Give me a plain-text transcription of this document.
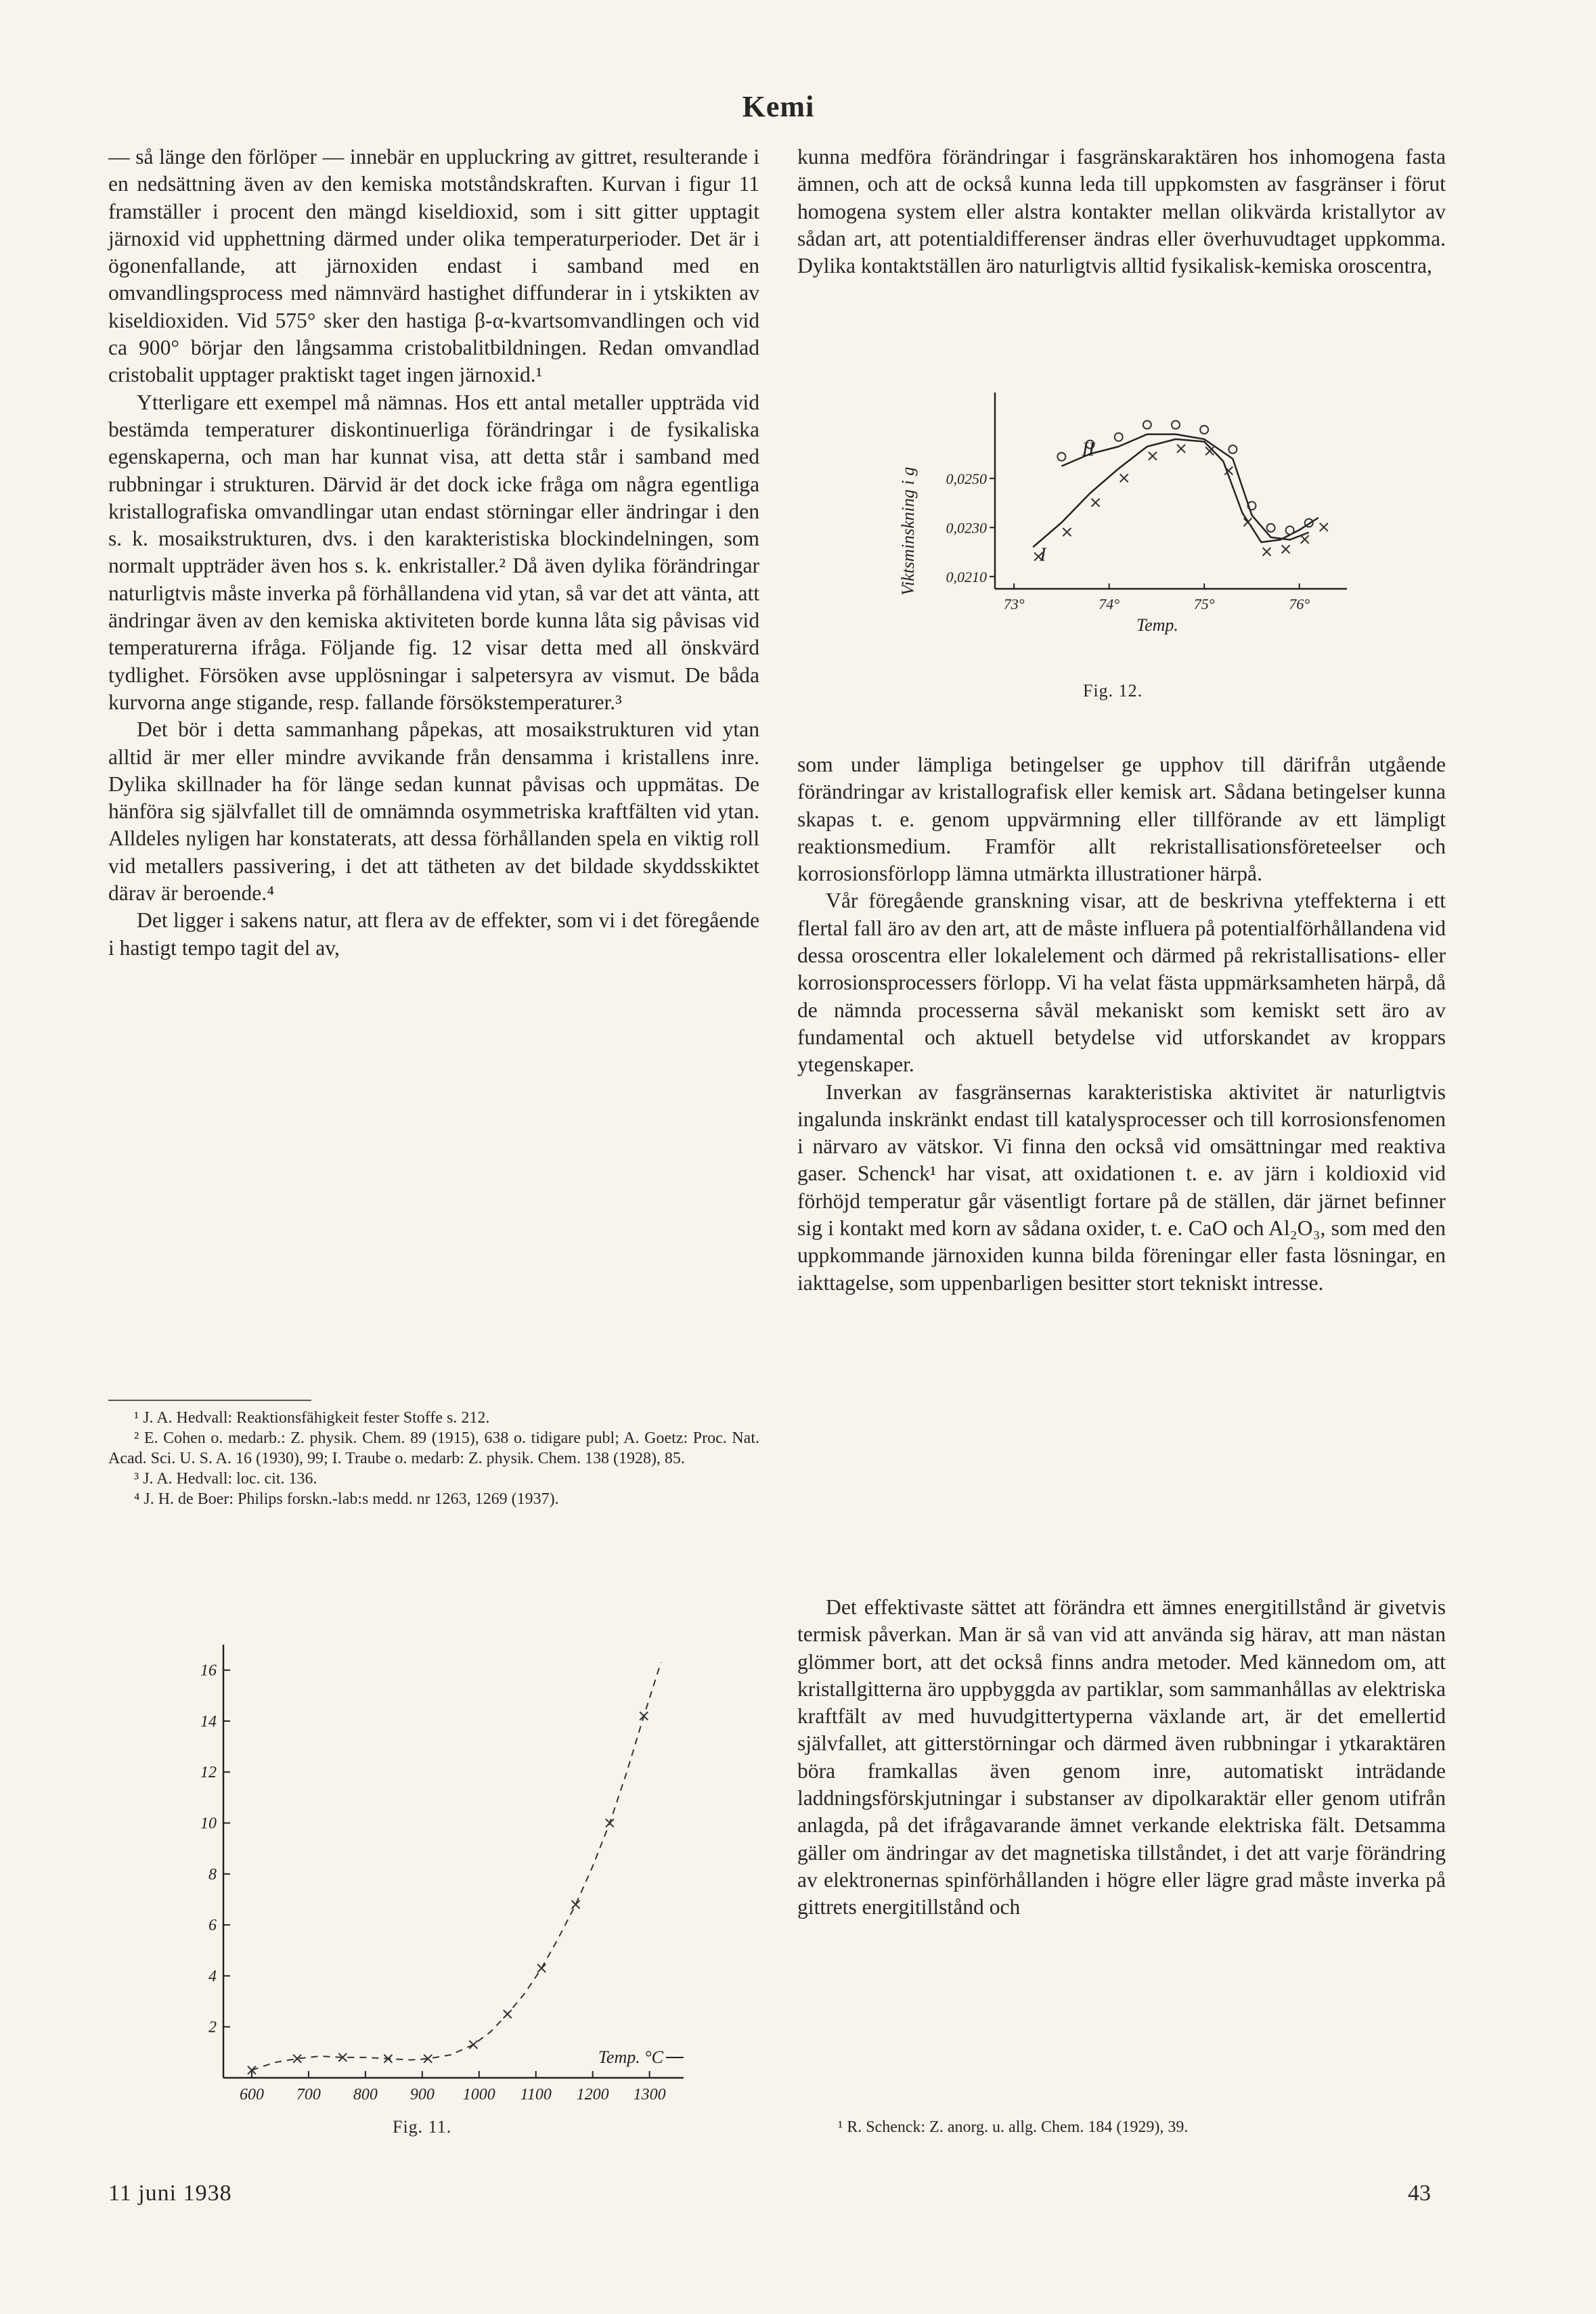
Kemi

— så länge den förlöper — innebär en uppluckring av gittret, resulterande i en nedsättning även av den kemiska motståndskraften. Kurvan i figur 11 framställer i procent den mängd kiseldioxid, som i sitt gitter upptagit järnoxid vid upphettning därmed under olika temperaturperioder. Det är i ögonenfallande, att järnoxiden endast i samband med en omvandlingsprocess med nämnvärd hastighet diffunderar in i ytskikten av kiseldioxiden. Vid 575° sker den hastiga β-α-kvartsomvandlingen och vid ca 900° börjar den långsamma cristobalitbildningen. Redan omvandlad cristobalit upptager praktiskt taget ingen järnoxid.¹

Ytterligare ett exempel må nämnas. Hos ett antal metaller uppträda vid bestämda temperaturer diskontinuerliga förändringar i de fysikaliska egenskaperna, och man har kunnat visa, att detta står i samband med rubbningar i strukturen. Därvid är det dock icke fråga om några egentliga kristallografiska omvandlingar utan endast störningar eller ändringar i den s. k. mosaikstrukturen, dvs. i den karakteristiska blockindelningen, som normalt uppträder även hos s. k. enkristaller.² Då även dylika förändringar naturligtvis måste inverka på förhållandena vid ytan, så var det att vänta, att ändringar även av den kemiska aktiviteten borde kunna låta sig påvisas vid temperaturerna ifråga. Följande fig. 12 visar detta med all önskvärd tydlighet. Försöken avse upplösningar i salpetersyra av vismut. De båda kurvorna ange stigande, resp. fallande försökstemperaturer.³

Det bör i detta sammanhang påpekas, att mosaikstrukturen vid ytan alltid är mer eller mindre avvikande från densamma i kristallens inre. Dylika skillnader ha för länge sedan kunnat påvisas och uppmätas. De hänföra sig självfallet till de omnämnda osymmetriska kraftfälten vid ytan. Alldeles nyligen har konstaterats, att dessa förhållanden spela en viktig roll vid metallers passivering, i det att tätheten av det bildade skyddsskiktet därav är beroende.⁴

Det ligger i sakens natur, att flera av de effekter, som vi i det föregående i hastigt tempo tagit del av,

¹ J. A. Hedvall: Reaktionsfähigkeit fester Stoffe s. 212.

² E. Cohen o. medarb.: Z. physik. Chem. 89 (1915), 638 o. tidigare publ; A. Goetz: Proc. Nat. Acad. Sci. U. S. A. 16 (1930), 99; I. Traube o. medarb: Z. physik. Chem. 138 (1928), 85.

³ J. A. Hedvall: loc. cit. 136.

⁴ J. H. de Boer: Philips forskn.-lab:s medd. nr 1263, 1269 (1937).

600 700 800 900 1000 1100 1200 1300
2
4
6
8
10
12
14
16
Temp. °C
Fig. 11.

kunna medföra förändringar i fasgränskaraktären hos inhomogena fasta ämnen, och att de också kunna leda till uppkomsten av fasgränser i förut homogena system eller alstra kontakter mellan olikvärda kristallytor av sådan art, att potentialdifferenser ändras eller överhuvudtaget uppkomma. Dylika kontaktställen äro naturligtvis alltid fysikalisk-kemiska oroscentra,

73°	74°	75°	76°
0,0210
0,0230
0,0250
Temp.
Viktsminskning i g	I
II
Fig. 12.

som under lämpliga betingelser ge upphov till därifrån utgående förändringar av kristallografisk eller kemisk art. Sådana betingelser kunna skapas t. e. genom uppvärmning eller tillförande av ett lämpligt reaktionsmedium. Framför allt rekristallisationsföreteelser och korrosionsförlopp lämna utmärkta illustrationer härpå.

Vår föregående granskning visar, att de beskrivna yteffekterna i ett flertal fall äro av den art, att de måste influera på potentialförhållandena vid dessa oroscentra eller lokalelement och därmed på rekristallisations- eller korrosionsprocessers förlopp. Vi ha velat fästa uppmärksamheten härpå, då de nämnda processerna såväl mekaniskt som kemiskt sett äro av fundamental och aktuell betydelse vid utforskandet av kroppars ytegenskaper.

Inverkan av fasgränsernas karakteristiska aktivitet är naturligtvis ingalunda inskränkt endast till katalysprocesser och till korrosionsfenomen i närvaro av vätskor. Vi finna den också vid omsättningar med reaktiva gaser. Schenck¹ har visat, att oxidationen t. e. av järn i koldioxid vid förhöjd temperatur går väsentligt fortare på de ställen, där järnet befinner sig i kontakt med korn av sådana oxider, t. e. CaO och Al₂O₃, som med den uppkommande järnoxiden kunna bilda föreningar eller fasta lösningar, en iakttagelse, som uppenbarligen besitter stort tekniskt intresse.

Det effektivaste sättet att förändra ett ämnes energitillstånd är givetvis termisk påverkan. Man är så van vid att använda sig härav, att man nästan glömmer bort, att det också finns andra metoder. Med kännedom om, att kristallgitterna äro uppbyggda av partiklar, som sammanhållas av elektriska kraftfält av med huvudgittertyperna växlande art, är det emellertid självfallet, att gitterstörningar och därmed även rubbningar i ytkaraktären böra framkallas även genom inre, automatiskt inträdande laddningsförskjutningar i substanser av dipolkaraktär eller genom utifrån anlagda, på det ifrågavarande ämnet verkande elektriska fält. Detsamma gäller om ändringar av det magnetiska tillståndet, i det att varje förändring av elektronernas spinförhållanden i högre eller lägre grad måste inverka på gittrets energitillstånd och

¹ R. Schenck: Z. anorg. u. allg. Chem. 184 (1929), 39.

11 juni 1938	43
